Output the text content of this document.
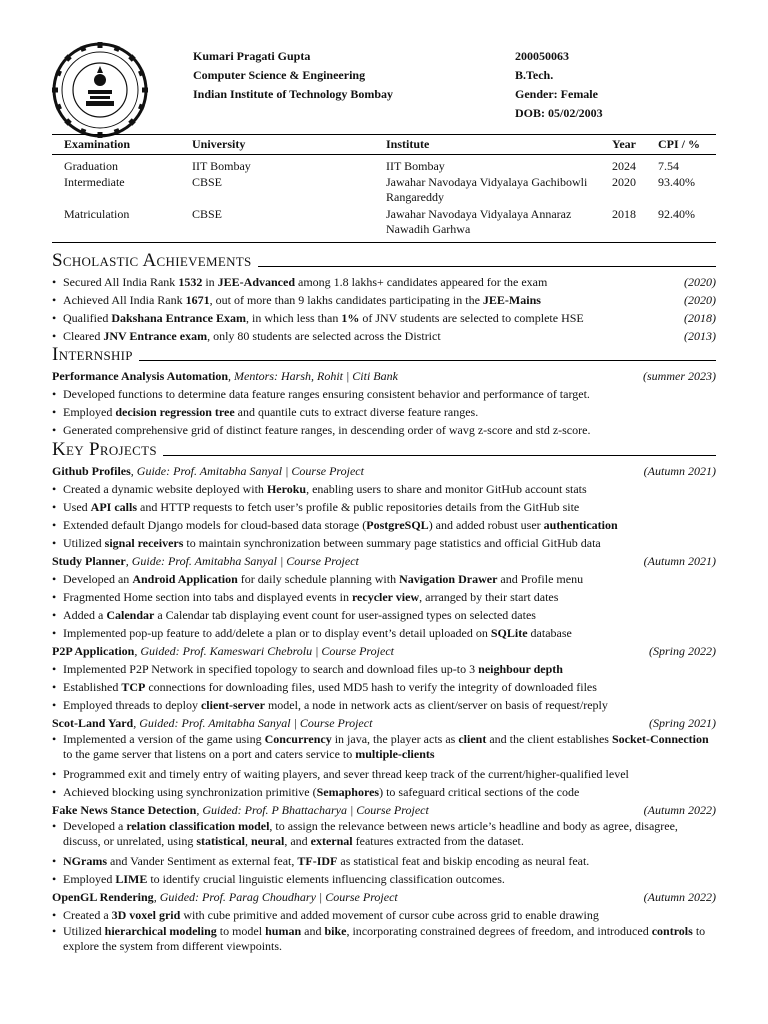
Kumari Pragati Gupta
Computer Science & Engineering
Indian Institute of Technology Bombay
200050063
B.Tech.
Gender: Female
DOB: 05/02/2003
Examination	University	Institute	Year	CPI / %
Graduation	IIT Bombay	IIT Bombay	2024	7.54
Intermediate	CBSE	Jawahar Navodaya Vidyalaya Gachibowli Rangareddy	2020	93.40%
Matriculation	CBSE	Jawahar Navodaya Vidyalaya Annaraz Nawadih Garhwa	2018	92.40%
Scholastic Achievements
• Secured All India Rank 1532 in JEE-Advanced among 1.8 lakhs+ candidates appeared for the exam	(2020)
• Achieved All India Rank 1671, out of more than 9 lakhs candidates participating in the JEE-Mains	(2020)
• Qualified Dakshana Entrance Exam, in which less than 1% of JNV students are selected to complete HSE	(2018)
• Cleared JNV Entrance exam, only 80 students are selected across the District	(2013)
Internship
Performance Analysis Automation, Mentors: Harsh, Rohit | Citi Bank	(summer 2023)
• Developed functions to determine data feature ranges ensuring consistent behavior and performance of target.
• Employed decision regression tree and quantile cuts to extract diverse feature ranges.
• Generated comprehensive grid of distinct feature ranges, in descending order of wavg z-score and std z-score.
Key Projects
Github Profiles, Guide: Prof. Amitabha Sanyal | Course Project	(Autumn 2021)
• Created a dynamic website deployed with Heroku, enabling users to share and monitor GitHub account stats
• Used API calls and HTTP requests to fetch user’s profile & public repositories details from the GitHub site
• Extended default Django models for cloud-based data storage (PostgreSQL) and added robust user authentication
• Utilized signal receivers to maintain synchronization between summary page statistics and official GitHub data
Study Planner, Guide: Prof. Amitabha Sanyal | Course Project	(Autumn 2021)
• Developed an Android Application for daily schedule planning with Navigation Drawer and Profile menu
• Fragmented Home section into tabs and displayed events in recycler view, arranged by their start dates
• Added a Calendar a Calendar tab displaying event count for user-assigned types on selected dates
• Implemented pop-up feature to add/delete a plan or to display event’s detail uploaded on SQLite database
P2P Application, Guided: Prof. Kameswari Chebrolu | Course Project	(Spring 2022)
• Implemented P2P Network in specified topology to search and download files up-to 3 neighbour depth
• Established TCP connections for downloading files, used MD5 hash to verify the integrity of downloaded files
• Employed threads to deploy client-server model, a node in network acts as client/server on basis of request/reply
Scot-Land Yard, Guided: Prof. Amitabha Sanyal | Course Project	(Spring 2021)
• Implemented a version of the game using Concurrency in java, the player acts as client and the client establishes Socket-Connection to the game server that listens on a port and caters service to multiple-clients
• Programmed exit and timely entry of waiting players, and sever thread keep track of the current/higher-qualified level
• Achieved blocking using synchronization primitive (Semaphores) to safeguard critical sections of the code
Fake News Stance Detection, Guided: Prof. P Bhattacharya | Course Project	(Autumn 2022)
• Developed a relation classification model, to assign the relevance between news article’s headline and body as agree, disagree, discuss, or unrelated, using statistical, neural, and external features extracted from the dataset.
• NGrams and Vander Sentiment as external feat, TF-IDF as statistical feat and biskip encoding as neural feat.
• Employed LIME to identify crucial linguistic elements influencing classification outcomes.
OpenGL Rendering, Guided: Prof. Parag Choudhary | Course Project	(Autumn 2022)
• Created a 3D voxel grid with cube primitive and added movement of cursor cube across grid to enable drawing
• Utilized hierarchical modeling to model human and bike, incorporating constrained degrees of freedom, and introduced controls to explore the system from different viewpoints.
